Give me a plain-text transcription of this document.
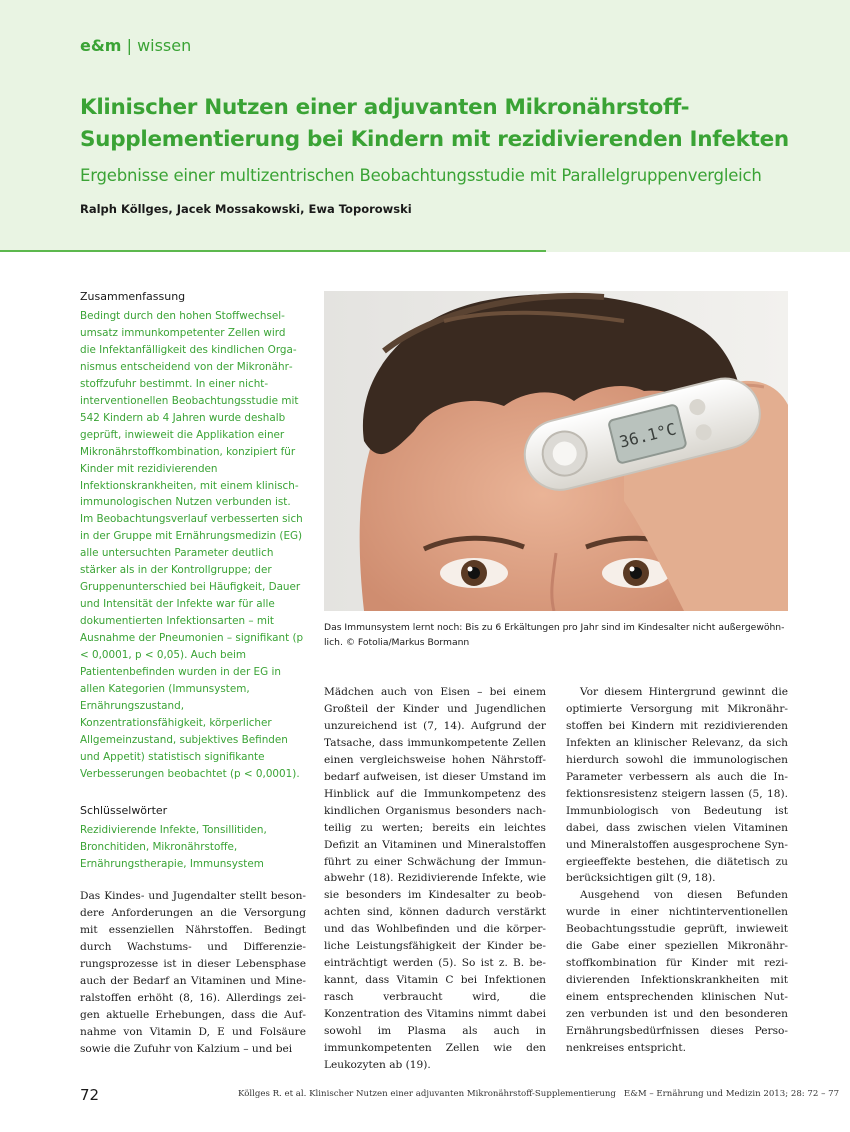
e&m | wissen
Klinischer Nutzen einer adjuvanten Mikronährstoff-
Supplementierung bei Kindern mit rezidivierenden Infekten
Ergebnisse einer multizentrischen Beobachtungsstudie mit Parallelgruppenvergleich
Ralph Köllges, Jacek Mossakowski, Ewa Toporowski
Zusammenfassung
Bedingt durch den hohen Stoffwechselumsatz immunkompetenter Zellen wird die Infektanfälligkeit des kindlichen Organismus entscheidend von der Mikronährstoffzufuhr bestimmt. In einer nicht-interventionellen Beobachtungsstudie mit 542 Kindern ab 4 Jahren wurde deshalb geprüft, inwieweit die Applikation einer Mikronährstoffkombination, konzipiert für Kinder mit rezidivierenden Infektionskrankheiten, mit einem klinisch-immunologischen Nutzen verbunden ist. Im Beobachtungsverlauf verbesserten sich in der Gruppe mit Ernährungsmedizin (EG) alle untersuchten Parameter deutlich stärker als in der Kontrollgruppe; der Gruppenunterschied bei Häufigkeit, Dauer und Intensität der Infekte war für alle dokumentierten Infektionsarten – mit Ausnahme der Pneumonien – signifikant (p < 0,0001, p < 0,05). Auch beim Patientenbefinden wurden in der EG in allen Kategorien (Immunsystem, Ernährungszustand, Konzentrationsfähigkeit, körperlicher Allgemeinzustand, subjektives Befinden und Appetit) statistisch signifikante Verbesserungen beobachtet (p < 0,0001).
Schlüsselwörter
Rezidivierende Infekte, Tonsillitiden, Bronchitiden, Mikronährstoffe, Ernährungstherapie, Immunsystem
36.1°C
Das Immunsystem lernt noch: Bis zu 6 Erkältungen pro Jahr sind im Kindesalter nicht außergewöhnlich. © Fotolia/Markus Bormann
Das Kindes- und Jugendalter stellt besondere Anforderungen an die Versorgung mit essenziellen Nährstoffen. Bedingt durch Wachstums- und Differenzierungsprozesse ist in dieser Lebensphase auch der Bedarf an Vitaminen und Mineralstoffen erhöht (8, 16). Allerdings zeigen aktuelle Erhebungen, dass die Aufnahme von Vitamin D, E und Folsäure sowie die Zufuhr von Kalzium – und bei
Mädchen auch von Eisen – bei einem Großteil der Kinder und Jugendlichen unzureichend ist (7, 14). Aufgrund der Tatsache, dass immunkompetente Zellen einen vergleichsweise hohen Nährstoffbedarf aufweisen, ist dieser Umstand im Hinblick auf die Immunkompetenz des kindlichen Organismus besonders nachteilig zu werten; bereits ein leichtes Defizit an Vitaminen und Mineralstoffen führt zu einer Schwächung der Immunabwehr (18). Rezidivierende Infekte, wie sie besonders im Kindesalter zu beobachten sind, können dadurch verstärkt und das Wohlbefinden und die körperliche Leistungsfähigkeit der Kinder beeinträchtigt werden (5). So ist z. B. bekannt, dass Vitamin C bei Infektionen rasch verbraucht wird, die Konzentration des Vitamins nimmt dabei sowohl im Plasma als auch in immunkompetenten Zellen wie den Leukozyten ab (19).
Vor diesem Hintergrund gewinnt die optimierte Versorgung mit Mikronährstoffen bei Kindern mit rezidivierenden Infekten an klinischer Relevanz, da sich hierdurch sowohl die immunologischen Parameter verbessern als auch die Infektionsresistenz steigern lassen (5, 18). Immunbiologisch von Bedeutung ist dabei, dass zwischen vielen Vitaminen und Mineralstoffen ausgesprochene Synergieeffekte bestehen, die diätetisch zu berücksichtigen gilt (9, 18).
Ausgehend von diesen Befunden wurde in einer nichtinterventionellen Beobachtungsstudie geprüft, inwieweit die Gabe einer speziellen Mikronährstoffkombination für Kinder mit rezidivierenden Infektionskrankheiten mit einem entsprechenden klinischen Nutzen verbunden ist und den besonderen Ernährungsbedürfnissen dieses Personenkreises entspricht.
72	Köllges R. et al. Klinischer Nutzen einer adjuvanten Mikronährstoff-Supplementierung E&M – Ernährung und Medizin 2013; 28: 72 – 77
